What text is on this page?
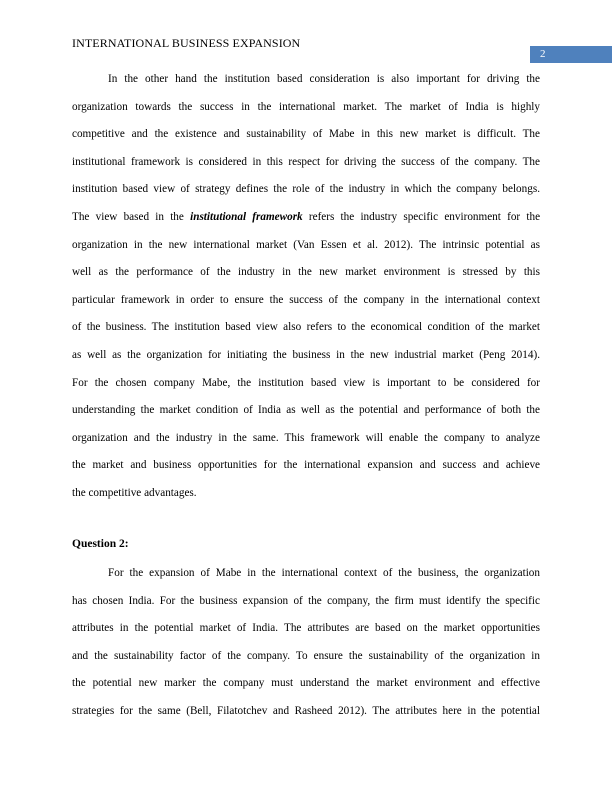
INTERNATIONAL BUSINESS EXPANSION
2
In the other hand the institution based consideration is also important for driving the
organization towards the success in the international market. The market of India is highly
competitive and the existence and sustainability of Mabe in this new market is difficult. The
institutional framework is considered in this respect for driving the success of the company. The
institution based view of strategy defines the role of the industry in which the company belongs.
The view based in the institutional framework refers the industry specific environment for the
organization in the new international market (Van Essen et al. 2012). The intrinsic potential as
well as the performance of the industry in the new market environment is stressed by this
particular framework in order to ensure the success of the company in the international context
of the business. The institution based view also refers to the economical condition of the market
as well as the organization for initiating the business in the new industrial market (Peng 2014).
For the chosen company Mabe, the institution based view is important to be considered for
understanding the market condition of India as well as the potential and performance of both the
organization and the industry in the same. This framework will enable the company to analyze
the market and business opportunities for the international expansion and success and achieve
the competitive advantages.
Question 2:
For the expansion of Mabe in the international context of the business, the organization
has chosen India. For the business expansion of the company, the firm must identify the specific
attributes in the potential market of India. The attributes are based on the market opportunities
and the sustainability factor of the company. To ensure the sustainability of the organization in
the potential new marker the company must understand the market environment and effective
strategies for the same (Bell, Filatotchev and Rasheed 2012). The attributes here in the potential
